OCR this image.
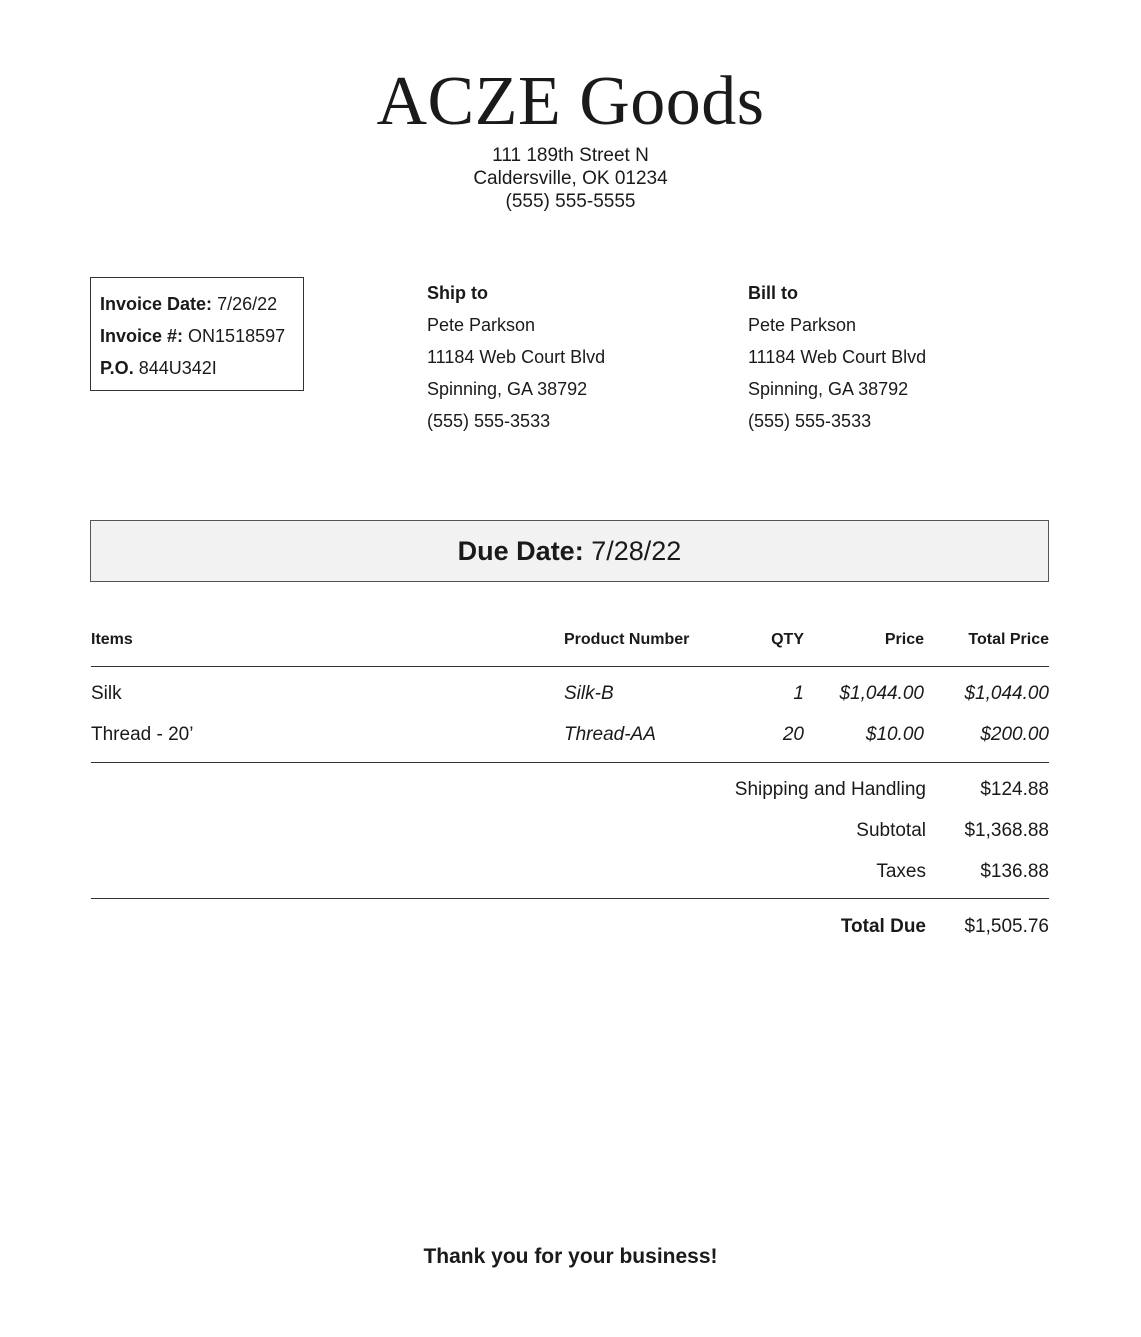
ACZE Goods
111 189th Street N
Caldersville, OK 01234
(555) 555-5555
Invoice Date: 7/26/22
Invoice #: ON1518597
P.O. 844U342I
Ship to
Pete Parkson
11184 Web Court Blvd
Spinning, GA 38792
(555) 555-3533
Bill to
Pete Parkson
11184 Web Court Blvd
Spinning, GA 38792
(555) 555-3533
Due Date: 7/28/22
Items	Product Number	QTY	Price	Total Price
Silk	Silk-B	1 $1,044.00 $1,044.00
Thread - 20’	Thread-AA	20	$10.00	$200.00
Shipping and Handling	$124.88
Subtotal $1,368.88
Taxes	$136.88
Total Due $1,505.76
Thank you for your business!
